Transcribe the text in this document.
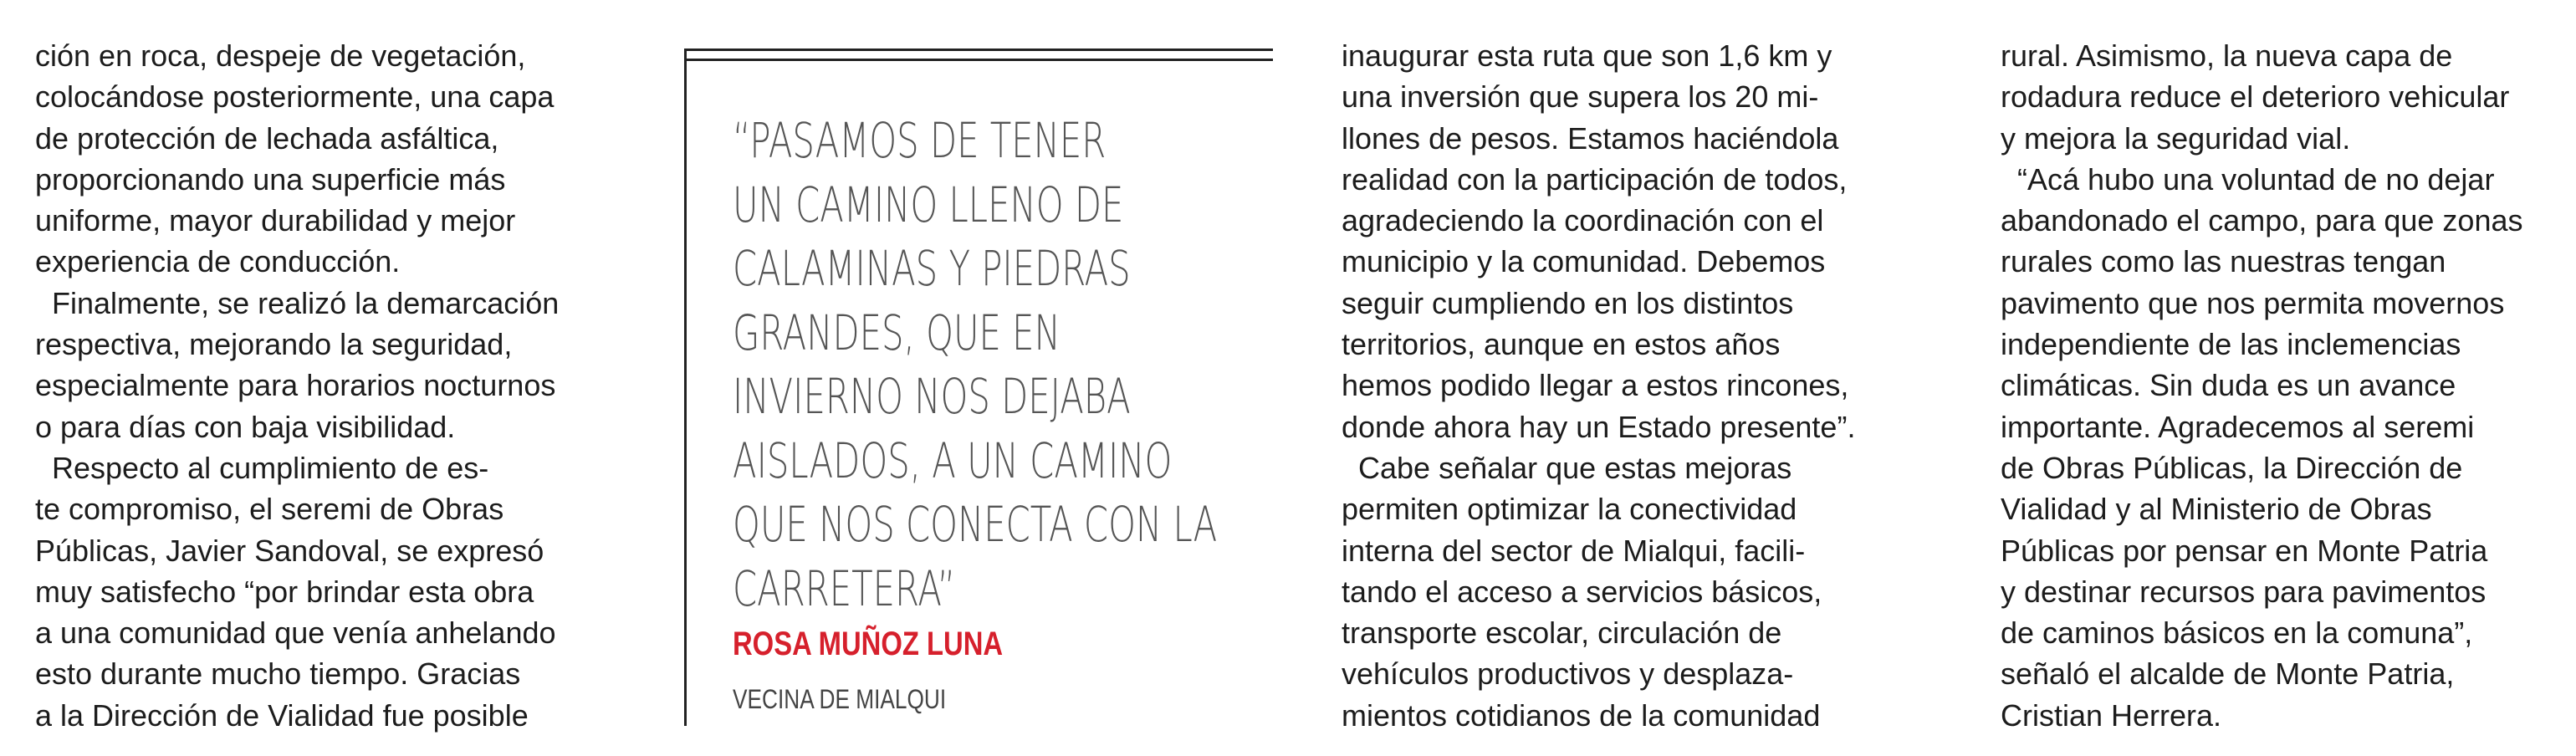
ción en roca, despeje de vegetación,
colocándose posteriormente, una capa
de protección de lechada asfáltica,
proporcionando una superficie más
uniforme, mayor durabilidad y mejor
experiencia de conducción.
Finalmente, se realizó la demarcación
respectiva, mejorando la seguridad,
especialmente para horarios nocturnos
o para días con baja visibilidad.
Respecto al cumplimiento de es-
te compromiso, el seremi de Obras
Públicas, Javier Sandoval, se expresó
muy satisfecho “por brindar esta obra
a una comunidad que venía anhelando
esto durante mucho tiempo. Gracias
a la Dirección de Vialidad fue posible
“PASAMOS DE TENER
UN CAMINO LLENO DE
CALAMINAS Y PIEDRAS
GRANDES, QUE EN
INVIERNO NOS DEJABA
AISLADOS, A UN CAMINO
QUE NOS CONECTA CON LA
CARRETERA”
ROSA MUÑOZ LUNA
VECINA DE MIALQUI
inaugurar esta ruta que son 1,6 km y
una inversión que supera los 20 mi-
llones de pesos. Estamos haciéndola
realidad con la participación de todos,
agradeciendo la coordinación con el
municipio y la comunidad. Debemos
seguir cumpliendo en los distintos
territorios, aunque en estos años
hemos podido llegar a estos rincones,
donde ahora hay un Estado presente”.
Cabe señalar que estas mejoras
permiten optimizar la conectividad
interna del sector de Mialqui, facili-
tando el acceso a servicios básicos,
transporte escolar, circulación de
vehículos productivos y desplaza-
mientos cotidianos de la comunidad
rural. Asimismo, la nueva capa de
rodadura reduce el deterioro vehicular
y mejora la seguridad vial.
“Acá hubo una voluntad de no dejar
abandonado el campo, para que zonas
rurales como las nuestras tengan
pavimento que nos permita movernos
independiente de las inclemencias
climáticas. Sin duda es un avance
importante. Agradecemos al seremi
de Obras Públicas, la Dirección de
Vialidad y al Ministerio de Obras
Públicas por pensar en Monte Patria
y destinar recursos para pavimentos
de caminos básicos en la comuna”,
señaló el alcalde de Monte Patria,
Cristian Herrera.
